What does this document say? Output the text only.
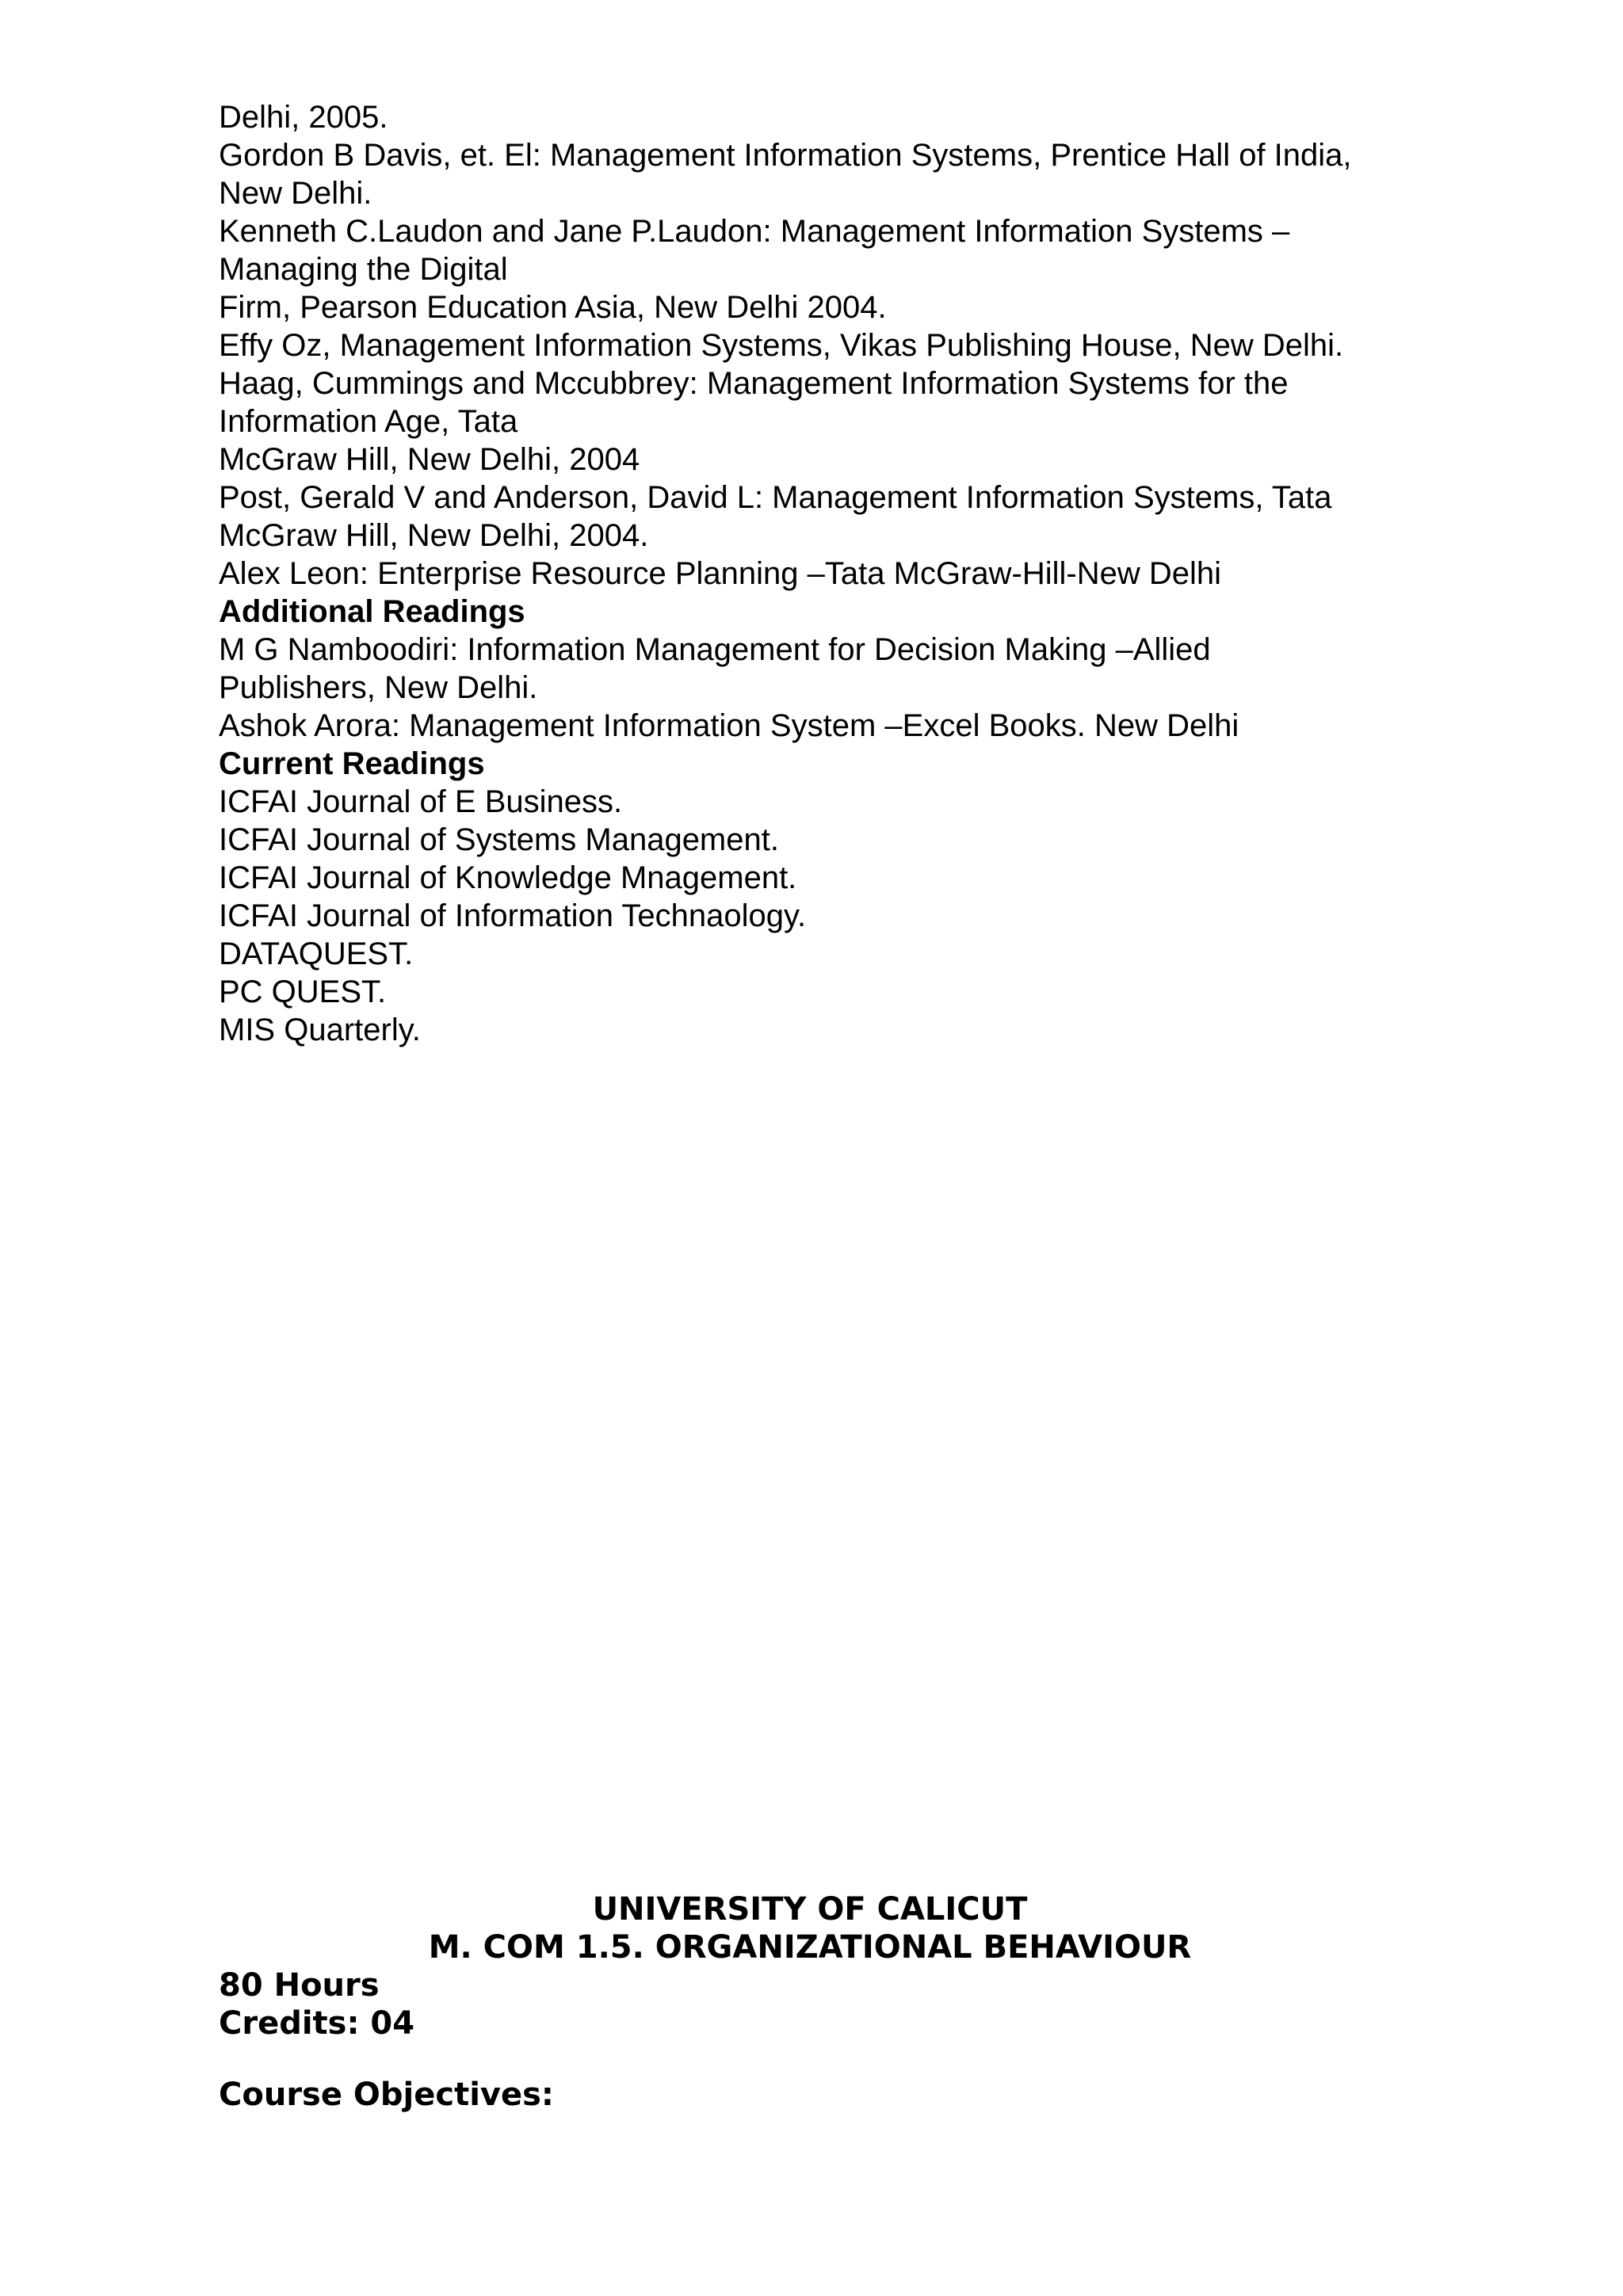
Delhi, 2005.
Gordon B Davis, et. El: Management Information Systems, Prentice Hall of India,
New Delhi.
Kenneth C.Laudon and Jane P.Laudon: Management Information Systems –
Managing the Digital
Firm, Pearson Education Asia, New Delhi 2004.
Effy Oz, Management Information Systems, Vikas Publishing House, New Delhi.
Haag, Cummings and Mccubbrey: Management Information Systems for the
Information Age, Tata
McGraw Hill, New Delhi, 2004
Post, Gerald V and Anderson, David L: Management Information Systems, Tata
McGraw Hill, New Delhi, 2004.
Alex Leon: Enterprise Resource Planning –Tata McGraw-Hill-New Delhi
Additional Readings
M G Namboodiri: Information Management for Decision Making –Allied
Publishers, New Delhi.
Ashok Arora: Management Information System –Excel Books. New Delhi
Current Readings
ICFAI Journal of E Business.
ICFAI Journal of Systems Management.
ICFAI Journal of Knowledge Mnagement.
ICFAI Journal of Information Technaology.
DATAQUEST.
PC QUEST.
MIS Quarterly.
UNIVERSITY OF CALICUT
M. COM 1.5. ORGANIZATIONAL BEHAVIOUR
80 Hours
Credits: 04
Course Objectives:
